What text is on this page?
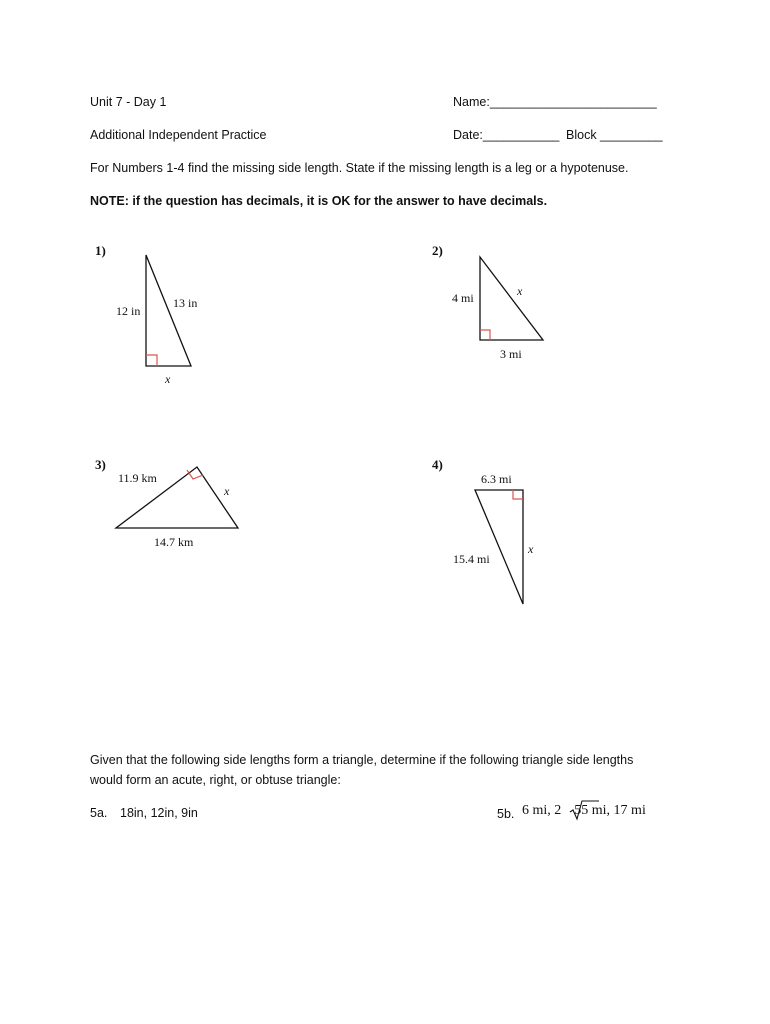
Unit 7 - Day 1	Name:________________________
Additional Independent Practice	Date:___________ Block _________
For Numbers 1-4 find the missing side length. State if the missing length is a leg or a hypotenuse.
NOTE: if the question has decimals, it is OK for the answer to have decimals.
1)
12 in
13 in
x
2)
4 mi	x
3 mi
3)
11.9 km
x
14.7 km
4)
6.3 mi
15.4 mi
x
Given that the following side lengths form a triangle, determine if the following triangle side lengths
would form an acute, right, or obtuse triangle:
5a. 18in, 12in, 9in	5b. 6 mi, 2 55 mi, 17 mi
